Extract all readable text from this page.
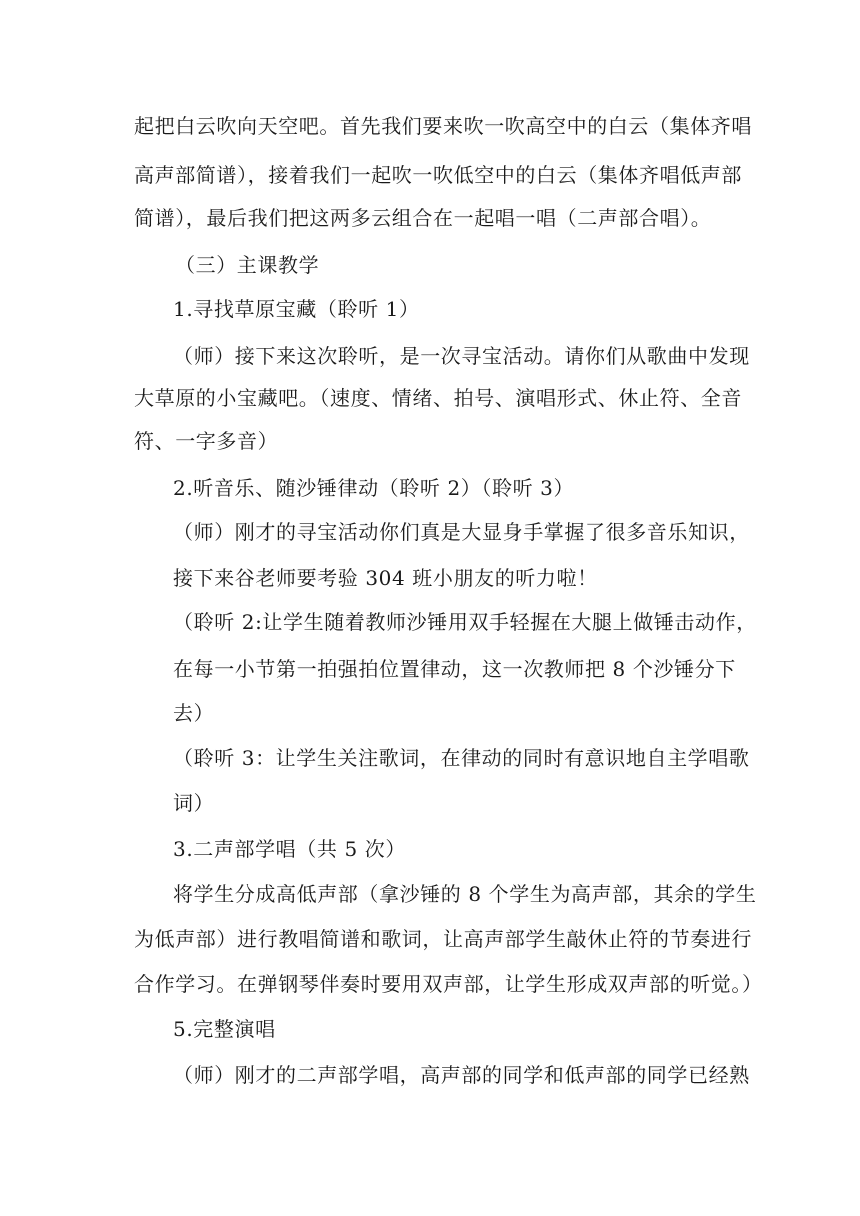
起把白云吹向天空吧。首先我们要来吹一吹高空中的白云（集体齐唱
高声部简谱），接着我们一起吹一吹低空中的白云（集体齐唱低声部
简谱），最后我们把这两多云组合在一起唱一唱（二声部合唱）。
（三）主课教学
1.寻找草原宝藏（聆听 1）
（师）接下来这次聆听，是一次寻宝活动。请你们从歌曲中发现
大草原的小宝藏吧。（速度、情绪、拍号、演唱形式、休止符、全音
符、一字多音）
2.听音乐、随沙锤律动（聆听 2）（聆听 3）
（师）刚才的寻宝活动你们真是大显身手掌握了很多音乐知识，
接下来谷老师要考验 304 班小朋友的听力啦！
（聆听 2:让学生随着教师沙锤用双手轻握在大腿上做锤击动作，
在每一小节第一拍强拍位置律动，这一次教师把 8 个沙锤分下
去）
（聆听 3：让学生关注歌词，在律动的同时有意识地自主学唱歌
词）
3.二声部学唱（共 5 次）
将学生分成高低声部（拿沙锤的 8 个学生为高声部，其余的学生
为低声部）进行教唱简谱和歌词，让高声部学生敲休止符的节奏进行
合作学习。在弹钢琴伴奏时要用双声部，让学生形成双声部的听觉。）
5.完整演唱
（师）刚才的二声部学唱，高声部的同学和低声部的同学已经熟
